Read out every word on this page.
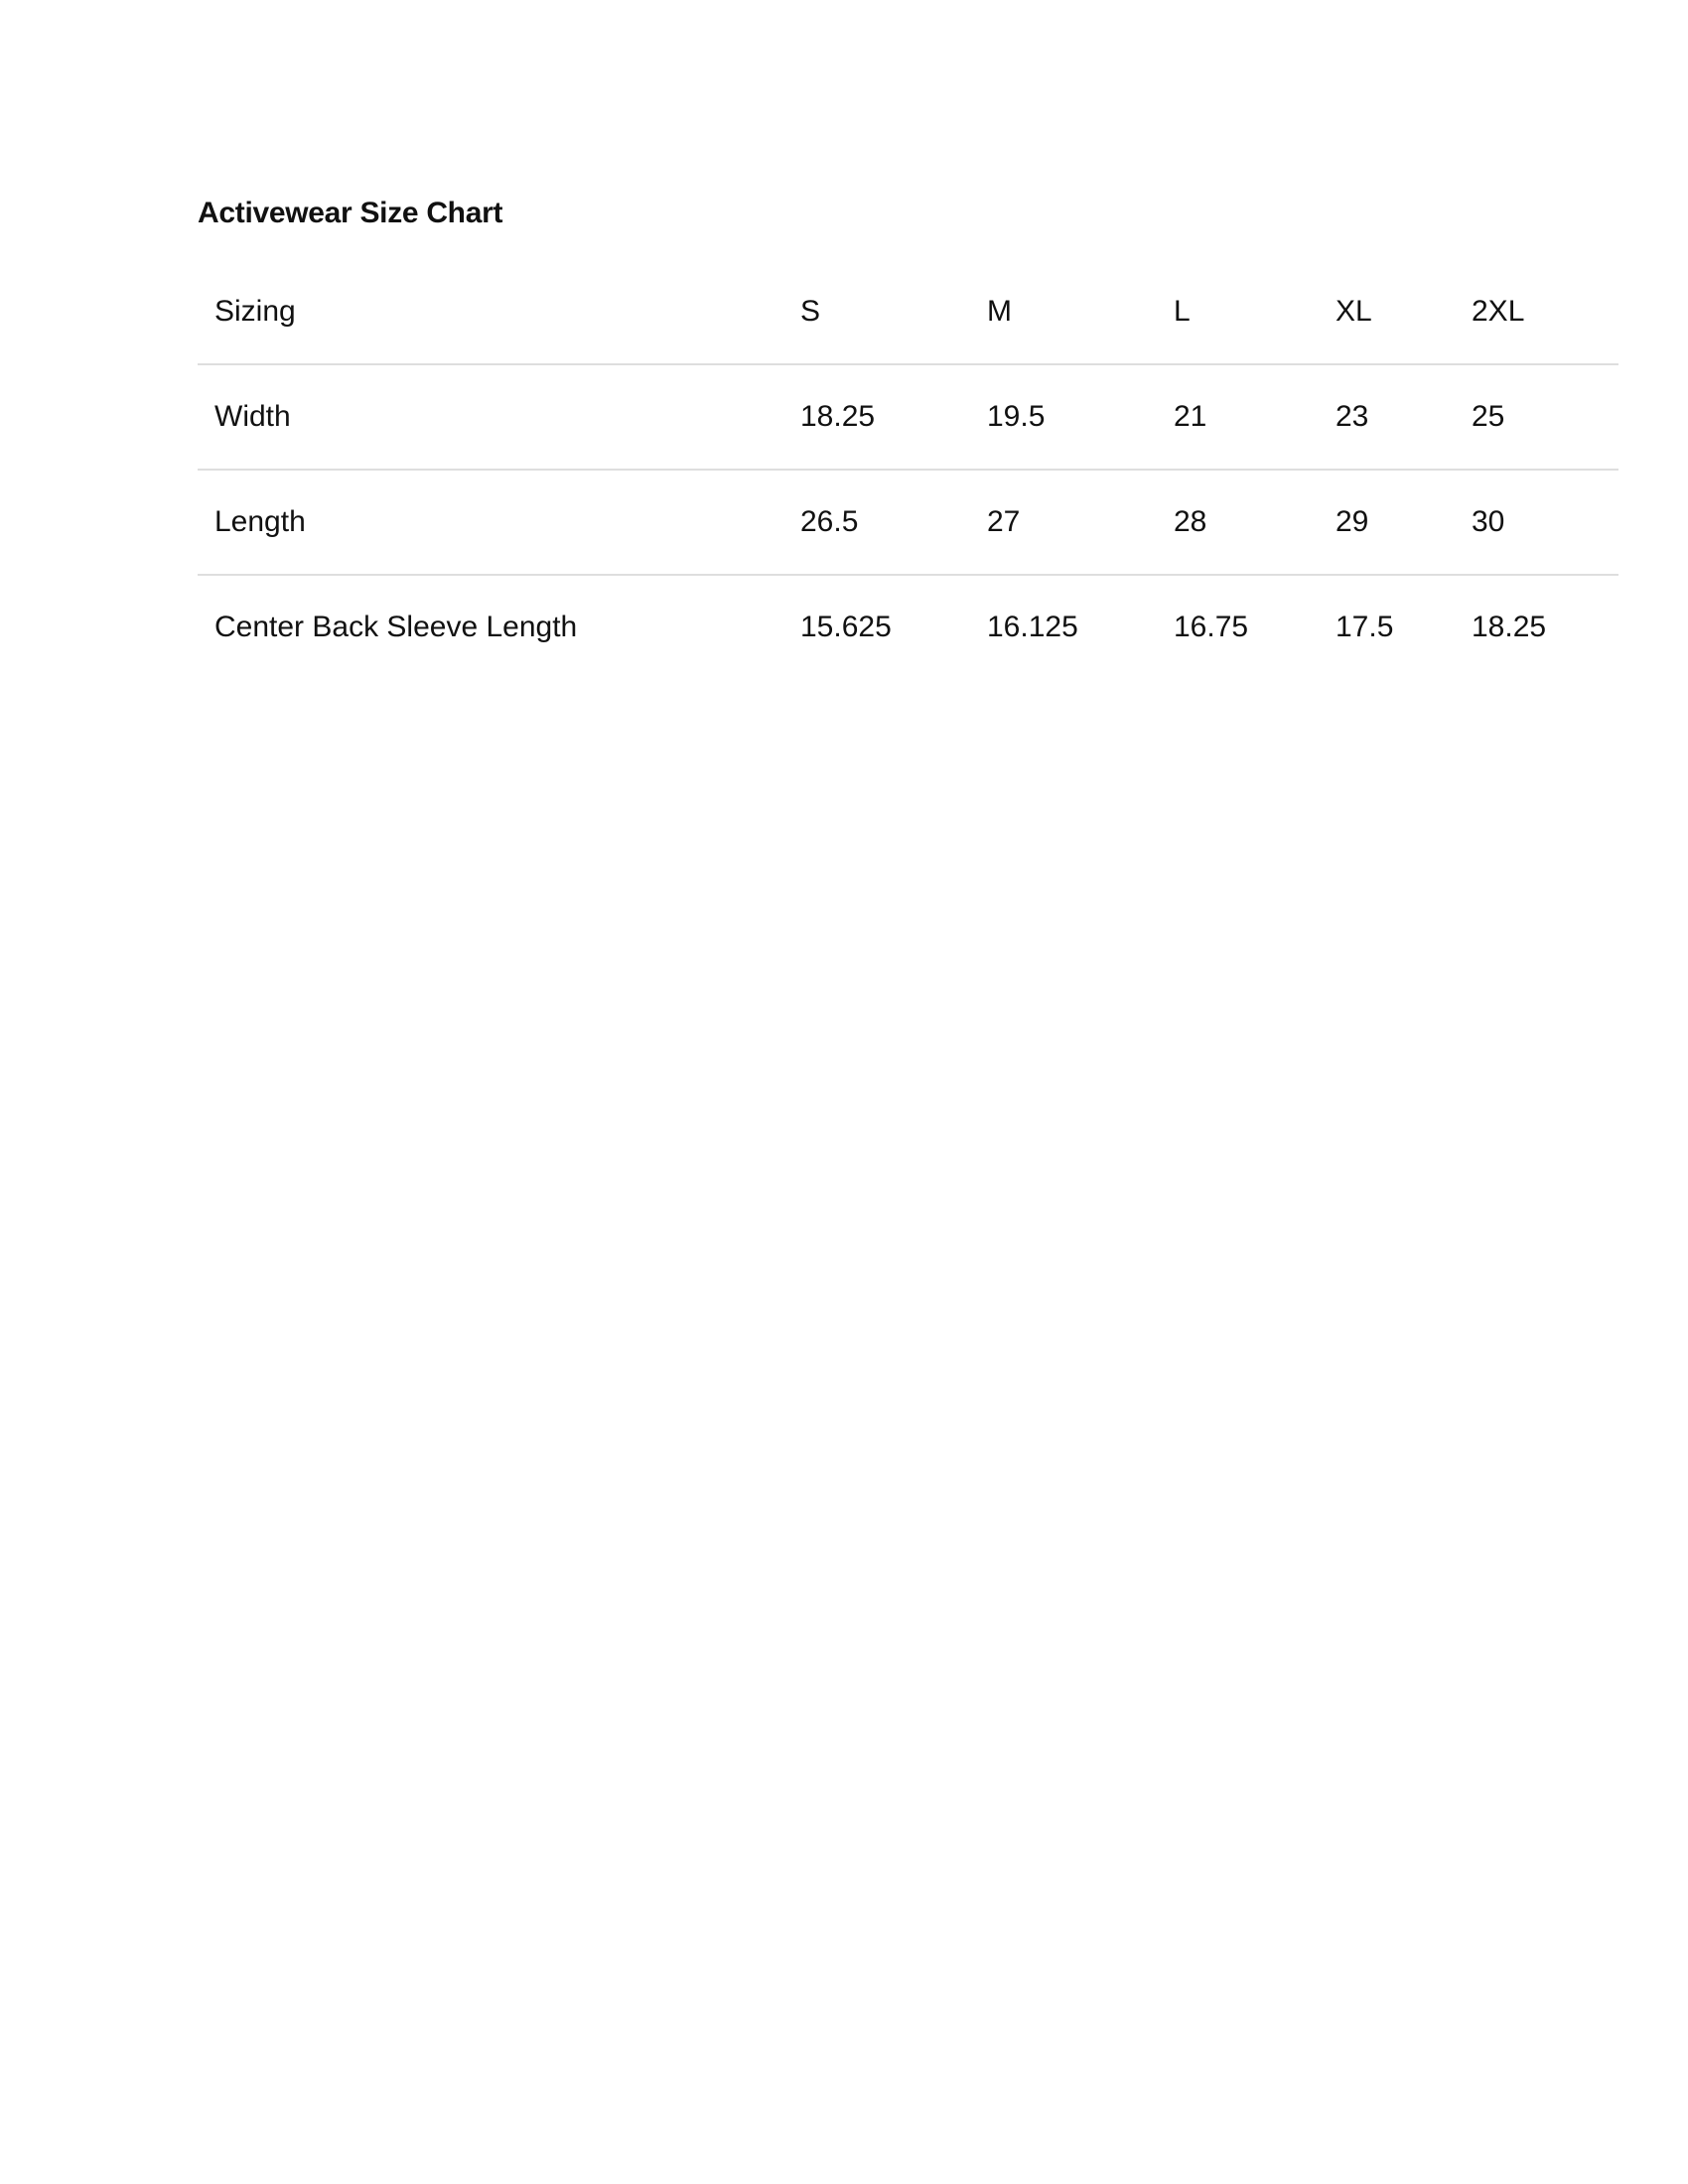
Activewear Size Chart
Sizing	S	M	L	XL	2XL
Width	18.25	19.5	21	23	25
Length	26.5	27	28	29	30
Center Back Sleeve Length	15.625	16.125	16.75	17.5	18.25
